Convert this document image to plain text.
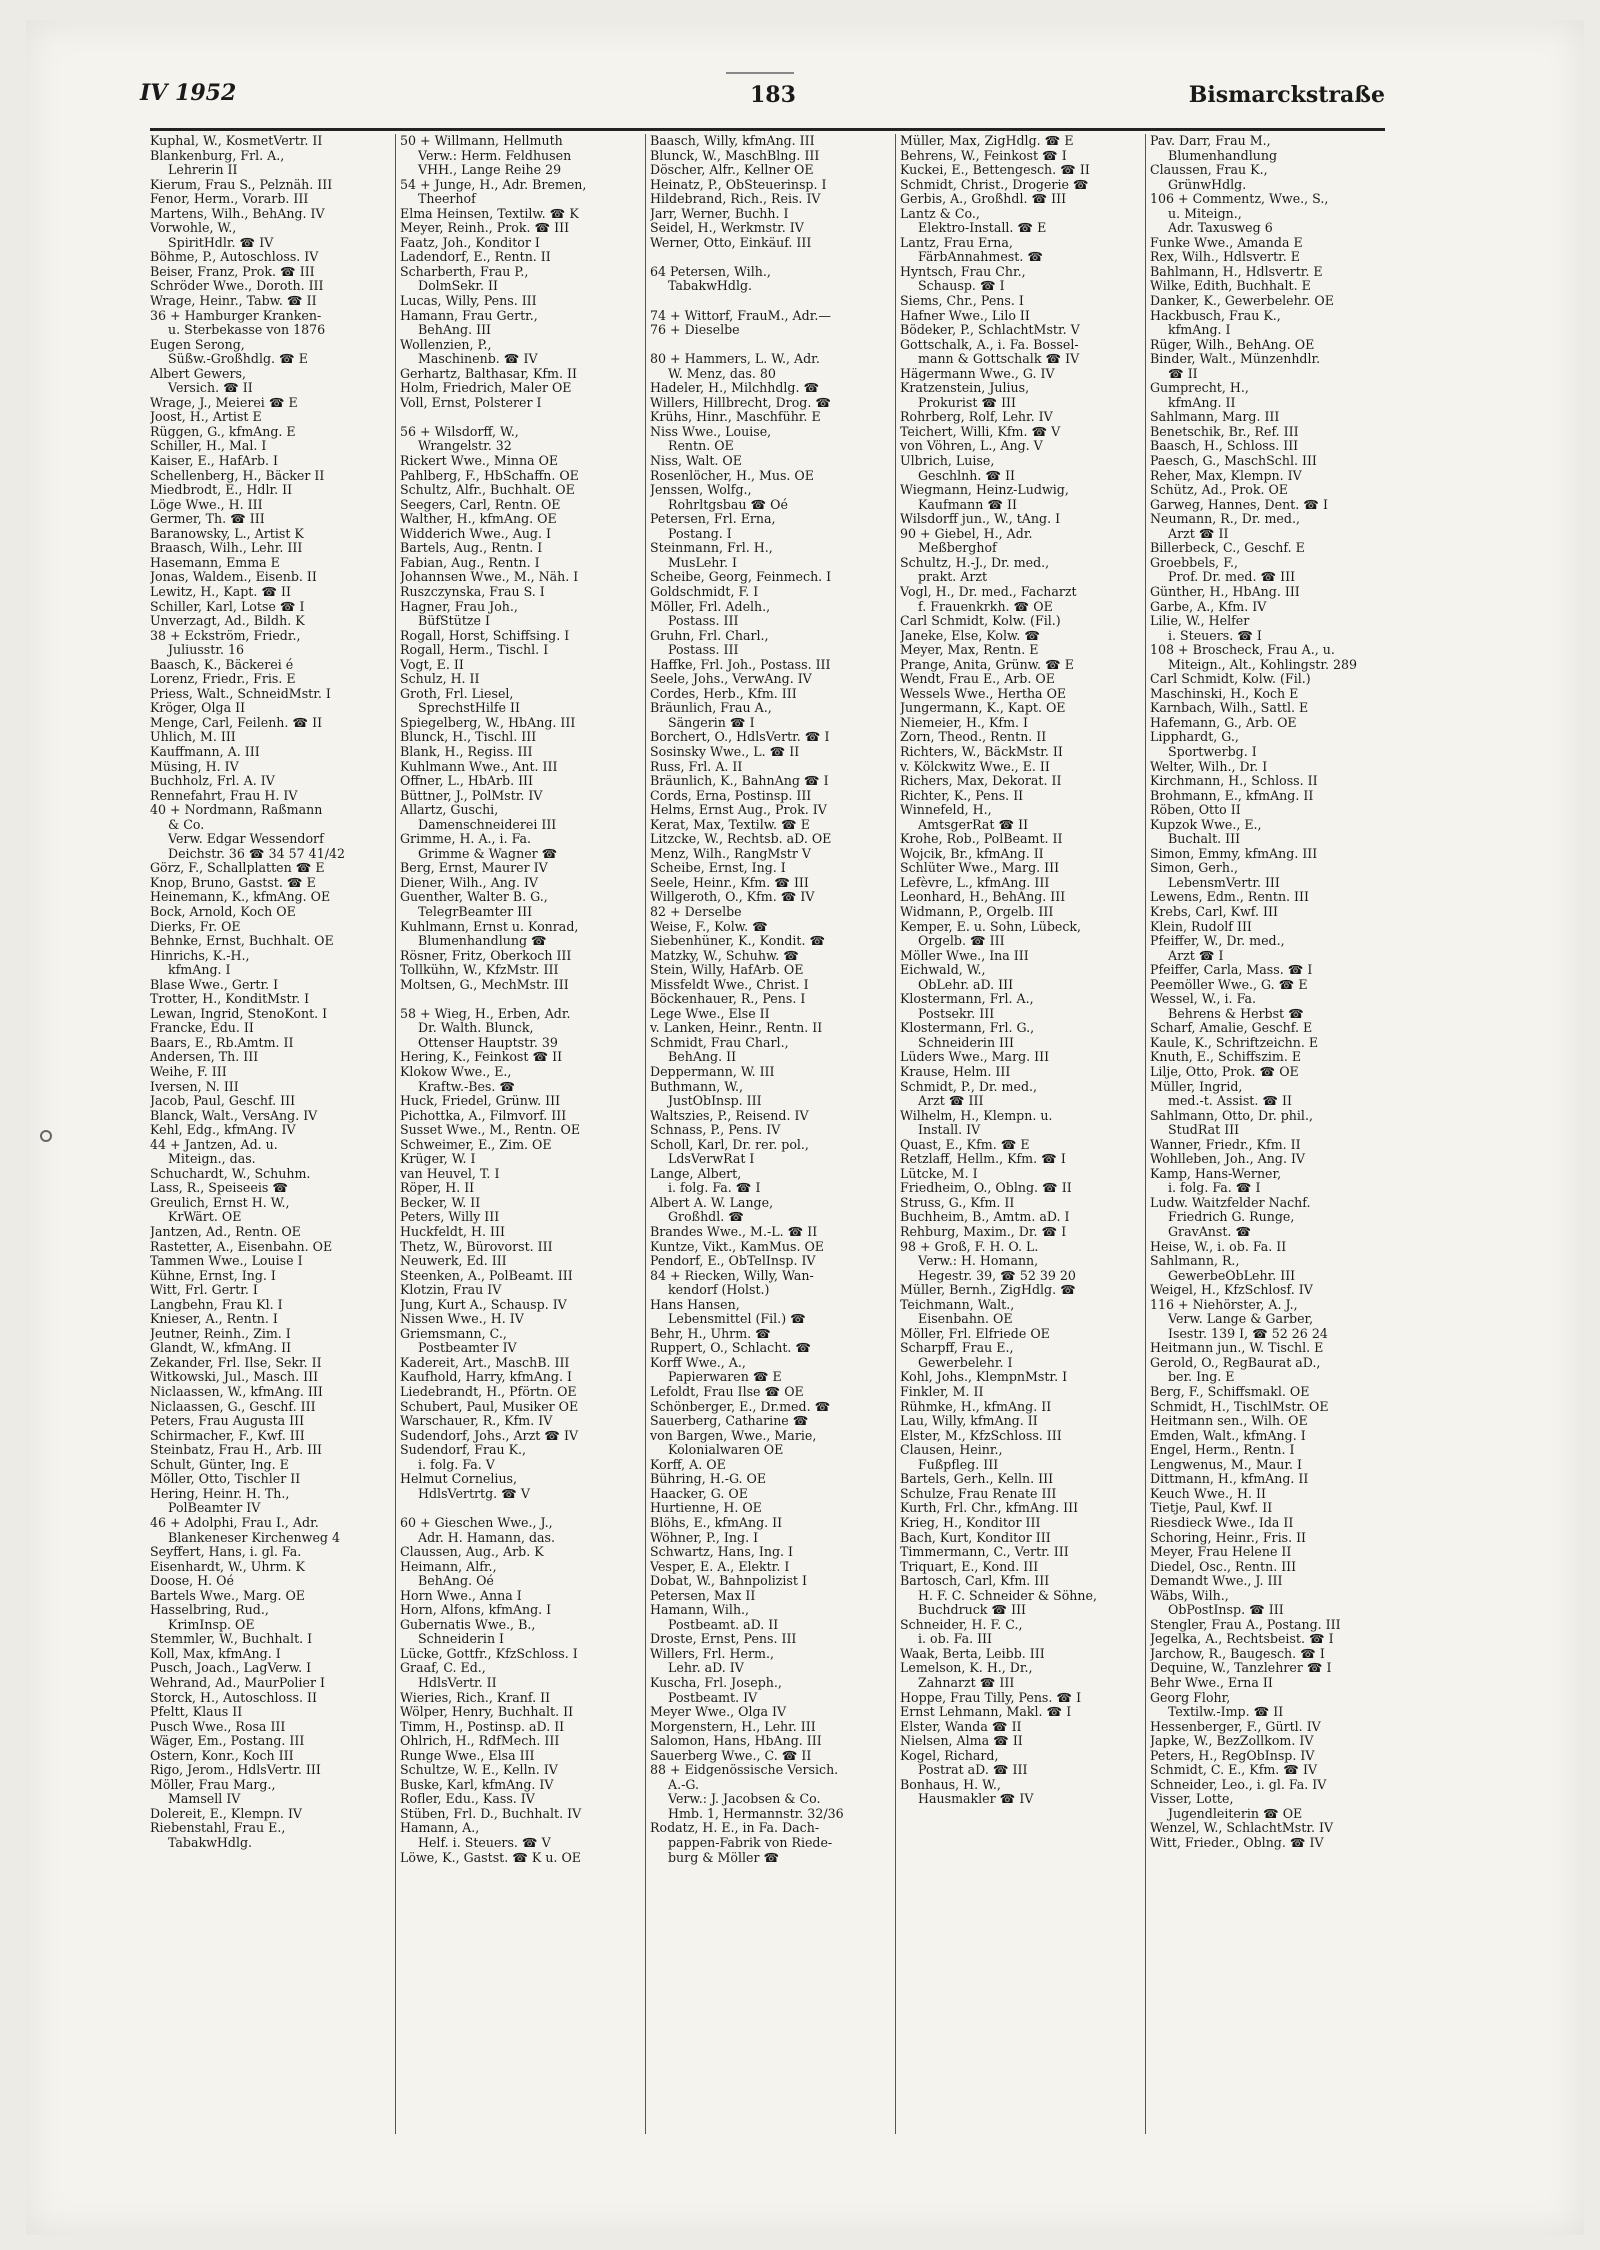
IV 1952	183	Bismarckstraße
Kuphal, W., KosmetVertr. II
Blankenburg, Frl. A.,
Lehrerin II
Kierum, Frau S., Pelznäh. III
Fenor, Herm., Vorarb. III
Martens, Wilh., BehAng. IV
Vorwohle, W.,
SpiritHdlr. ☎ IV
Böhme, P., Autoschloss. IV
Beiser, Franz, Prok. ☎ III
Schröder Wwe., Doroth. III
Wrage, Heinr., Tabw. ☎ II
36 + Hamburger Kranken-
u. Sterbekasse von 1876
Eugen Serong,
Süßw.-Großhdlg. ☎ E
Albert Gewers,
Versich. ☎ II
Wrage, J., Meierei ☎ E
Joost, H., Artist E
Rüggen, G., kfmAng. E
Schiller, H., Mal. I
Kaiser, E., HafArb. I
Schellenberg, H., Bäcker II
Miedbrodt, E., Hdlr. II
Löge Wwe., H. III
Germer, Th. ☎ III
Baranowsky, L., Artist K
Braasch, Wilh., Lehr. III
Hasemann, Emma E
Jonas, Waldem., Eisenb. II
Lewitz, H., Kapt. ☎ II
Schiller, Karl, Lotse ☎ I
Unverzagt, Ad., Bildh. K
38 + Eckström, Friedr.,
Juliusstr. 16
Baasch, K., Bäckerei é
Lorenz, Friedr., Fris. E
Priess, Walt., SchneidMstr. I
Kröger, Olga II
Menge, Carl, Feilenh. ☎ II
Uhlich, M. III
Kauffmann, A. III
Müsing, H. IV
Buchholz, Frl. A. IV
Rennefahrt, Frau H. IV
40 + Nordmann, Raßmann
& Co.
Verw. Edgar Wessendorf
Deichstr. 36 ☎ 34 57 41/42
Görz, F., Schallplatten ☎ E
Knop, Bruno, Gastst. ☎ E
Heinemann, K., kfmAng. OE
Bock, Arnold, Koch OE
Dierks, Fr. OE
Behnke, Ernst, Buchhalt. OE
Hinrichs, K.-H.,
kfmAng. I
Blase Wwe., Gertr. I
Trotter, H., KonditMstr. I
Lewan, Ingrid, StenoKont. I
Francke, Edu. II
Baars, E., Rb.Amtm. II
Andersen, Th. III
Weihe, F. III
Iversen, N. III
Jacob, Paul, Geschf. III
Blanck, Walt., VersAng. IV
Kehl, Edg., kfmAng. IV
44 + Jantzen, Ad. u.
Miteign., das.
Schuchardt, W., Schuhm.
Lass, R., Speiseeis ☎
Greulich, Ernst H. W.,
KrWärt. OE
Jantzen, Ad., Rentn. OE
Rastetter, A., Eisenbahn. OE
Tammen Wwe., Louise I
Kühne, Ernst, Ing. I
Witt, Frl. Gertr. I
Langbehn, Frau Kl. I
Knieser, A., Rentn. I
Jeutner, Reinh., Zim. I
Glandt, W., kfmAng. II
Zekander, Frl. Ilse, Sekr. II
Witkowski, Jul., Masch. III
Niclaassen, W., kfmAng. III
Niclaassen, G., Geschf. III
Peters, Frau Augusta III
Schirmacher, F., Kwf. III
Steinbatz, Frau H., Arb. III
Schult, Günter, Ing. E
Möller, Otto, Tischler II
Hering, Heinr. H. Th.,
PolBeamter IV
46 + Adolphi, Frau I., Adr.
Blankeneser Kirchenweg 4
Seyffert, Hans, i. gl. Fa.
Eisenhardt, W., Uhrm. K
Doose, H. Oé
Bartels Wwe., Marg. OE
Hasselbring, Rud.,
KrimInsp. OE
Stemmler, W., Buchhalt. I
Koll, Max, kfmAng. I
Pusch, Joach., LagVerw. I
Wehrand, Ad., MaurPolier I
Storck, H., Autoschloss. II
Pfeltt, Klaus II
Pusch Wwe., Rosa III
Wäger, Em., Postang. III
Ostern, Konr., Koch III
Rigo, Jerom., HdlsVertr. III
Möller, Frau Marg.,
Mamsell IV
Dolereit, E., Klempn. IV
Riebenstahl, Frau E.,
TabakwHdlg.
50 + Willmann, Hellmuth
Verw.: Herm. Feldhusen
VHH., Lange Reihe 29
54 + Junge, H., Adr. Bremen,
Theerhof
Elma Heinsen, Textilw. ☎ K
Meyer, Reinh., Prok. ☎ III
Faatz, Joh., Konditor I
Ladendorf, E., Rentn. II
Scharberth, Frau P.,
DolmSekr. II
Lucas, Willy, Pens. III
Hamann, Frau Gertr.,
BehAng. III
Wollenzien, P.,
Maschinenb. ☎ IV
Gerhartz, Balthasar, Kfm. II
Holm, Friedrich, Maler OE
Voll, Ernst, Polsterer I

56 + Wilsdorff, W.,
Wrangelstr. 32
Rickert Wwe., Minna OE
Pahlberg, F., HbSchaffn. OE
Schultz, Alfr., Buchhalt. OE
Seegers, Carl, Rentn. OE
Walther, H., kfmAng. OE
Widderich Wwe., Aug. I
Bartels, Aug., Rentn. I
Fabian, Aug., Rentn. I
Johannsen Wwe., M., Näh. I
Ruszczynska, Frau S. I
Hagner, Frau Joh.,
BüfStütze I
Rogall, Horst, Schiffsing. I
Rogall, Herm., Tischl. I
Vogt, E. II
Schulz, H. II
Groth, Frl. Liesel,
SprechstHilfe II
Spiegelberg, W., HbAng. III
Blunck, H., Tischl. III
Blank, H., Regiss. III
Kuhlmann Wwe., Ant. III
Offner, L., HbArb. III
Büttner, J., PolMstr. IV
Allartz, Guschi,
Damenschneiderei III
Grimme, H. A., i. Fa.
Grimme & Wagner ☎
Berg, Ernst, Maurer IV
Diener, Wilh., Ang. IV
Guenther, Walter B. G.,
TelegrBeamter III
Kuhlmann, Ernst u. Konrad,
Blumenhandlung ☎
Rösner, Fritz, Oberkoch III
Tollkühn, W., KfzMstr. III
Moltsen, G., MechMstr. III

58 + Wieg, H., Erben, Adr.
Dr. Walth. Blunck,
Ottenser Hauptstr. 39
Hering, K., Feinkost ☎ II
Klokow Wwe., E.,
Kraftw.-Bes. ☎
Huck, Friedel, Grünw. III
Pichottka, A., Filmvorf. III
Susset Wwe., M., Rentn. OE
Schweimer, E., Zim. OE
Krüger, W. I
van Heuvel, T. I
Röper, H. II
Becker, W. II
Peters, Willy III
Huckfeldt, H. III
Thetz, W., Bürovorst. III
Neuwerk, Ed. III
Steenken, A., PolBeamt. III
Klotzin, Frau IV
Jung, Kurt A., Schausp. IV
Nissen Wwe., H. IV
Griemsmann, C.,
Postbeamter IV
Kadereit, Art., MaschB. III
Kaufhold, Harry, kfmAng. I
Liedebrandt, H., Pförtn. OE
Schubert, Paul, Musiker OE
Warschauer, R., Kfm. IV
Sudendorf, Johs., Arzt ☎ IV
Sudendorf, Frau K.,
i. folg. Fa. V
Helmut Cornelius,
HdlsVertrtg. ☎ V

60 + Gieschen Wwe., J.,
Adr. H. Hamann, das.
Claussen, Aug., Arb. K
Heimann, Alfr.,
BehAng. Oé
Horn Wwe., Anna I
Horn, Alfons, kfmAng. I
Gubernatis Wwe., B.,
Schneiderin I
Lücke, Gottfr., KfzSchloss. I
Graaf, C. Ed.,
HdlsVertr. II
Wieries, Rich., Kranf. II
Wölper, Henry, Buchhalt. II
Timm, H., Postinsp. aD. II
Ohlrich, H., RdfMech. III
Runge Wwe., Elsa III
Schultze, W. E., Kelln. IV
Buske, Karl, kfmAng. IV
Rofler, Edu., Kass. IV
Stüben, Frl. D., Buchhalt. IV
Hamann, A.,
Helf. i. Steuers. ☎ V
Löwe, K., Gastst. ☎ K u. OE
Baasch, Willy, kfmAng. III
Blunck, W., MaschBlng. III
Döscher, Alfr., Kellner OE
Heinatz, P., ObSteuerinsp. I
Hildebrand, Rich., Reis. IV
Jarr, Werner, Buchh. I
Seidel, H., Werkmstr. IV
Werner, Otto, Einkäuf. III

64 Petersen, Wilh.,
TabakwHdlg.

74 + Wittorf, FrauM., Adr.—
76 + Dieselbe

80 + Hammers, L. W., Adr.
W. Menz, das. 80
Hadeler, H., Milchhdlg. ☎
Willers, Hillbrecht, Drog. ☎
Krühs, Hinr., Maschführ. E
Niss Wwe., Louise,
Rentn. OE
Niss, Walt. OE
Rosenlöcher, H., Mus. OE
Jenssen, Wolfg.,
Rohrltgsbau ☎ Oé
Petersen, Frl. Erna,
Postang. I
Steinmann, Frl. H.,
MusLehr. I
Scheibe, Georg, Feinmech. I
Goldschmidt, F. I
Möller, Frl. Adelh.,
Postass. III
Gruhn, Frl. Charl.,
Postass. III
Haffke, Frl. Joh., Postass. III
Seele, Johs., VerwAng. IV
Cordes, Herb., Kfm. III
Bräunlich, Frau A.,
Sängerin ☎ I
Borchert, O., HdlsVertr. ☎ I
Sosinsky Wwe., L. ☎ II
Russ, Frl. A. II
Bräunlich, K., BahnAng ☎ I
Cords, Erna, Postinsp. III
Helms, Ernst Aug., Prok. IV
Kerat, Max, Textilw. ☎ E
Litzcke, W., Rechtsb. aD. OE
Menz, Wilh., RangMstr V
Scheibe, Ernst, Ing. I
Seele, Heinr., Kfm. ☎ III
Willgeroth, O., Kfm. ☎ IV
82 + Derselbe
Weise, F., Kolw. ☎
Siebenhüner, K., Kondit. ☎
Matzky, W., Schuhw. ☎
Stein, Willy, HafArb. OE
Missfeldt Wwe., Christ. I
Böckenhauer, R., Pens. I
Lege Wwe., Else II
v. Lanken, Heinr., Rentn. II
Schmidt, Frau Charl.,
BehAng. II
Deppermann, W. III
Buthmann, W.,
JustObInsp. III
Waltszies, P., Reisend. IV
Schnass, P., Pens. IV
Scholl, Karl, Dr. rer. pol.,
LdsVerwRat I
Lange, Albert,
i. folg. Fa. ☎ I
Albert A. W. Lange,
Großhdl. ☎
Brandes Wwe., M.-L. ☎ II
Kuntze, Vikt., KamMus. OE
Pendorf, E., ObTelInsp. IV
84 + Riecken, Willy, Wan-
kendorf (Holst.)
Hans Hansen,
Lebensmittel (Fil.) ☎
Behr, H., Uhrm. ☎
Ruppert, O., Schlacht. ☎
Korff Wwe., A.,
Papierwaren ☎ E
Lefoldt, Frau Ilse ☎ OE
Schönberger, E., Dr.med. ☎
Sauerberg, Catharine ☎
von Bargen, Wwe., Marie,
Kolonialwaren OE
Korff, A. OE
Bühring, H.-G. OE
Haacker, G. OE
Hurtienne, H. OE
Blöhs, E., kfmAng. II
Wöhner, P., Ing. I
Schwartz, Hans, Ing. I
Vesper, E. A., Elektr. I
Dobat, W., Bahnpolizist I
Petersen, Max II
Hamann, Wilh.,
Postbeamt. aD. II
Droste, Ernst, Pens. III
Willers, Frl. Herm.,
Lehr. aD. IV
Kuscha, Frl. Joseph.,
Postbeamt. IV
Meyer Wwe., Olga IV
Morgenstern, H., Lehr. III
Salomon, Hans, HbAng. III
Sauerberg Wwe., C. ☎ II
88 + Eidgenössische Versich.
A.-G.
Verw.: J. Jacobsen & Co.
Hmb. 1, Hermannstr. 32/36
Rodatz, H. E., in Fa. Dach-
pappen-Fabrik von Riede-
burg & Möller ☎
Müller, Max, ZigHdlg. ☎ E
Behrens, W., Feinkost ☎ I
Kuckei, E., Bettengesch. ☎ II
Schmidt, Christ., Drogerie ☎
Gerbis, A., Großhdl. ☎ III
Lantz & Co.,
Elektro-Install. ☎ E
Lantz, Frau Erna,
FärbAnnahmest. ☎
Hyntsch, Frau Chr.,
Schausp. ☎ I
Siems, Chr., Pens. I
Hafner Wwe., Lilo II
Bödeker, P., SchlachtMstr. V
Gottschalk, A., i. Fa. Bossel-
mann & Gottschalk ☎ IV
Hägermann Wwe., G. IV
Kratzenstein, Julius,
Prokurist ☎ III
Rohrberg, Rolf, Lehr. IV
Teichert, Willi, Kfm. ☎ V
von Vöhren, L., Ang. V
Ulbrich, Luise,
Geschlnh. ☎ II
Wiegmann, Heinz-Ludwig,
Kaufmann ☎ II
Wilsdorff jun., W., tAng. I
90 + Giebel, H., Adr.
Meßberghof
Schultz, H.-J., Dr. med.,
prakt. Arzt
Vogl, H., Dr. med., Facharzt
f. Frauenkrkh. ☎ OE
Carl Schmidt, Kolw. (Fil.)
Janeke, Else, Kolw. ☎
Meyer, Max, Rentn. E
Prange, Anita, Grünw. ☎ E
Wendt, Frau E., Arb. OE
Wessels Wwe., Hertha OE
Jungermann, K., Kapt. OE
Niemeier, H., Kfm. I
Zorn, Theod., Rentn. II
Richters, W., BäckMstr. II
v. Kölckwitz Wwe., E. II
Richers, Max, Dekorat. II
Richter, K., Pens. II
Winnefeld, H.,
AmtsgerRat ☎ II
Krohe, Rob., PolBeamt. II
Wojcik, Br., kfmAng. II
Schlüter Wwe., Marg. III
Lefèvre, L., kfmAng. III
Leonhard, H., BehAng. III
Widmann, P., Orgelb. III
Kemper, E. u. Sohn, Lübeck,
Orgelb. ☎ III
Möller Wwe., Ina III
Eichwald, W.,
ObLehr. aD. III
Klostermann, Frl. A.,
Postsekr. III
Klostermann, Frl. G.,
Schneiderin III
Lüders Wwe., Marg. III
Krause, Helm. III
Schmidt, P., Dr. med.,
Arzt ☎ III
Wilhelm, H., Klempn. u.
Install. IV
Quast, E., Kfm. ☎ E
Retzlaff, Hellm., Kfm. ☎ I
Lütcke, M. I
Friedheim, O., Oblng. ☎ II
Struss, G., Kfm. II
Buchheim, B., Amtm. aD. I
Rehburg, Maxim., Dr. ☎ I
98 + Groß, F. H. O. L.
Verw.: H. Homann,
Hegestr. 39, ☎ 52 39 20
Müller, Bernh., ZigHdlg. ☎
Teichmann, Walt.,
Eisenbahn. OE
Möller, Frl. Elfriede OE
Scharpff, Frau E.,
Gewerbelehr. I
Kohl, Johs., KlempnMstr. I
Finkler, M. II
Rühmke, H., kfmAng. II
Lau, Willy, kfmAng. II
Elster, M., KfzSchloss. III
Clausen, Heinr.,
Fußpfleg. III
Bartels, Gerh., Kelln. III
Schulze, Frau Renate III
Kurth, Frl. Chr., kfmAng. III
Krieg, H., Konditor III
Bach, Kurt, Konditor III
Timmermann, C., Vertr. III
Triquart, E., Kond. III
Bartosch, Carl, Kfm. III
H. F. C. Schneider & Söhne,
Buchdruck ☎ III
Schneider, H. F. C.,
i. ob. Fa. III
Waak, Berta, Leibb. III
Lemelson, K. H., Dr.,
Zahnarzt ☎ III
Hoppe, Frau Tilly, Pens. ☎ I
Ernst Lehmann, Makl. ☎ I
Elster, Wanda ☎ II
Nielsen, Alma ☎ II
Kogel, Richard,
Postrat aD. ☎ III
Bonhaus, H. W.,
Hausmakler ☎ IV
Pav. Darr, Frau M.,
Blumenhandlung
Claussen, Frau K.,
GrünwHdlg.
106 + Commentz, Wwe., S.,
u. Miteign.,
Adr. Taxusweg 6
Funke Wwe., Amanda E
Rex, Wilh., Hdlsvertr. E
Bahlmann, H., Hdlsvertr. E
Wilke, Edith, Buchhalt. E
Danker, K., Gewerbelehr. OE
Hackbusch, Frau K.,
kfmAng. I
Rüger, Wilh., BehAng. OE
Binder, Walt., Münzenhdlr.
☎ II
Gumprecht, H.,
kfmAng. II
Sahlmann, Marg. III
Benetschik, Br., Ref. III
Baasch, H., Schloss. III
Paesch, G., MaschSchl. III
Reher, Max, Klempn. IV
Schütz, Ad., Prok. OE
Garweg, Hannes, Dent. ☎ I
Neumann, R., Dr. med.,
Arzt ☎ II
Billerbeck, C., Geschf. E
Groebbels, F.,
Prof. Dr. med. ☎ III
Günther, H., HbAng. III
Garbe, A., Kfm. IV
Lilie, W., Helfer
i. Steuers. ☎ I
108 + Broscheck, Frau A., u.
Miteign., Alt., Kohlingstr. 289
Carl Schmidt, Kolw. (Fil.)
Maschinski, H., Koch E
Karnbach, Wilh., Sattl. E
Hafemann, G., Arb. OE
Lipphardt, G.,
Sportwerbg. I
Welter, Wilh., Dr. I
Kirchmann, H., Schloss. II
Brohmann, E., kfmAng. II
Röben, Otto II
Kupzok Wwe., E.,
Buchalt. III
Simon, Emmy, kfmAng. III
Simon, Gerh.,
LebensmVertr. III
Lewens, Edm., Rentn. III
Krebs, Carl, Kwf. III
Klein, Rudolf III
Pfeiffer, W., Dr. med.,
Arzt ☎ I
Pfeiffer, Carla, Mass. ☎ I
Peemöller Wwe., G. ☎ E
Wessel, W., i. Fa.
Behrens & Herbst ☎
Scharf, Amalie, Geschf. E
Kaule, K., Schriftzeichn. E
Knuth, E., Schiffszim. E
Lilje, Otto, Prok. ☎ OE
Müller, Ingrid,
med.-t. Assist. ☎ II
Sahlmann, Otto, Dr. phil.,
StudRat III
Wanner, Friedr., Kfm. II
Wohlleben, Joh., Ang. IV
Kamp, Hans-Werner,
i. folg. Fa. ☎ I
Ludw. Waitzfelder Nachf.
Friedrich G. Runge,
GravAnst. ☎
Heise, W., i. ob. Fa. II
Sahlmann, R.,
GewerbeObLehr. III
Weigel, H., KfzSchlosf. IV
116 + Niehörster, A. J.,
Verw. Lange & Garber,
Isestr. 139 I, ☎ 52 26 24
Heitmann jun., W. Tischl. E
Gerold, O., RegBaurat aD.,
ber. Ing. E
Berg, F., Schiffsmakl. OE
Schmidt, H., TischlMstr. OE
Heitmann sen., Wilh. OE
Emden, Walt., kfmAng. I
Engel, Herm., Rentn. I
Lengwenus, M., Maur. I
Dittmann, H., kfmAng. II
Keuch Wwe., H. II
Tietje, Paul, Kwf. II
Riesdieck Wwe., Ida II
Schoring, Heinr., Fris. II
Meyer, Frau Helene II
Diedel, Osc., Rentn. III
Demandt Wwe., J. III
Wäbs, Wilh.,
ObPostInsp. ☎ III
Stengler, Frau A., Postang. III
Jegelka, A., Rechtsbeist. ☎ I
Jarchow, R., Baugesch. ☎ I
Dequine, W., Tanzlehrer ☎ I
Behr Wwe., Erna II
Georg Flohr,
Textilw.-Imp. ☎ II
Hessenberger, F., Gürtl. IV
Japke, W., BezZollkom. IV
Peters, H., RegObInsp. IV
Schmidt, C. E., Kfm. ☎ IV
Schneider, Leo., i. gl. Fa. IV
Visser, Lotte,
Jugendleiterin ☎ OE
Wenzel, W., SchlachtMstr. IV
Witt, Frieder., Oblng. ☎ IV
